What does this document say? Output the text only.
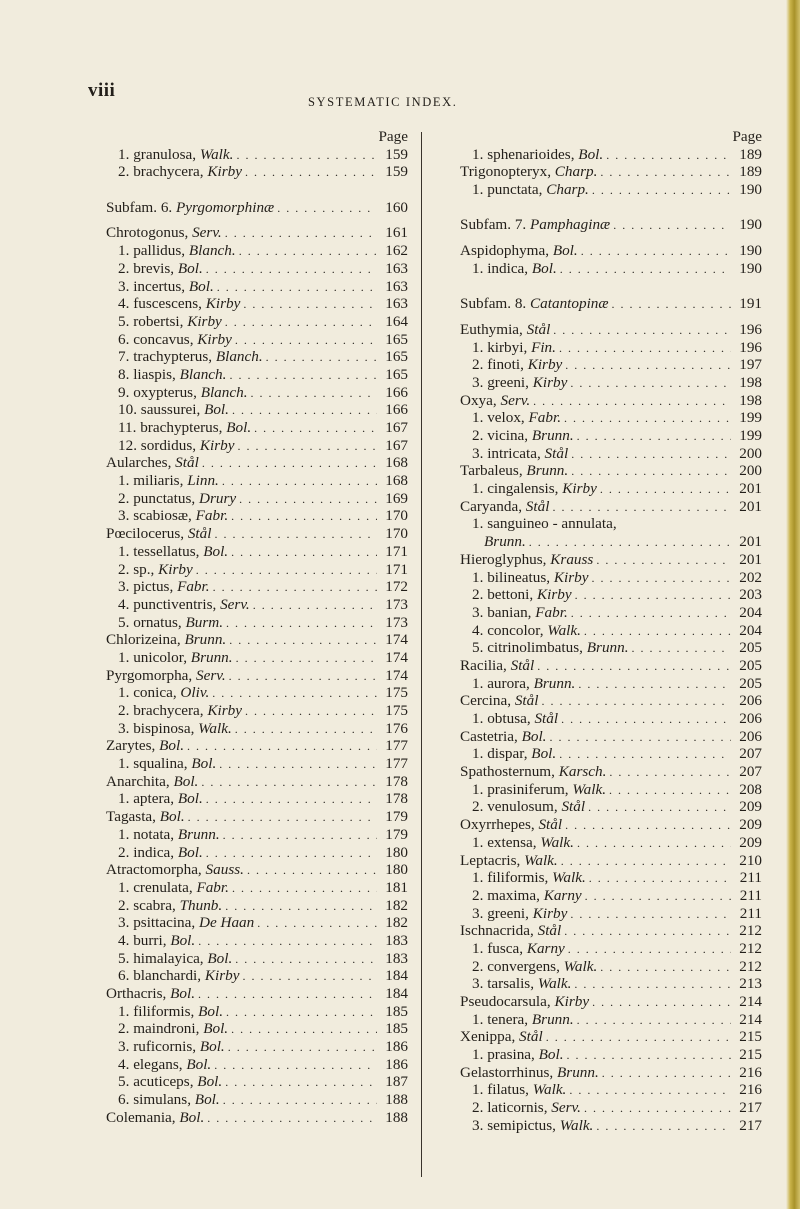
viii
SYSTEMATIC INDEX.
Page
1. granulosa, Walk. . . .	159
2. brachycera, Kirby . . .	159
Subfam. 6. Pyrgomorphinæ . . .	160
Chrotogonus, Serv. . . .	161
1. pallidus, Blanch. . . .	162
2. brevis, Bol. . . .	163
3. incertus, Bol. . . .	163
4. fuscescens, Kirby . . .	163
5. robertsi, Kirby . . .	164
6. concavus, Kirby . . .	165
7. trachypterus, Blanch. . . .	165
8. liaspis, Blanch. . . .	165
9. oxypterus, Blanch. . . .	166
10. saussurei, Bol. . . .	166
11. brachypterus, Bol. . . .	167
12. sordidus, Kirby . . .	167
Aularches, Stål . . .	168
1. miliaris, Linn. . . .	168
2. punctatus, Drury . . .	169
3. scabiosæ, Fabr. . . .	170
Pœcilocerus, Stål . . .	170
1. tessellatus, Bol. . . .	171
2. sp., Kirby . . .	171
3. pictus, Fabr. . . .	172
4. punctiventris, Serv. . . .	173
5. ornatus, Burm. . . .	173
Chlorizeina, Brunn. . . .	174
1. unicolor, Brunn. . . .	174
Pyrgomorpha, Serv. . . .	174
1. conica, Oliv. . . .	175
2. brachycera, Kirby . . .	175
3. bispinosa, Walk. . . .	176
Zarytes, Bol. . . .	177
1. squalina, Bol. . . .	177
Anarchita, Bol. . . .	178
1. aptera, Bol. . . .	178
Tagasta, Bol. . . .	179
1. notata, Brunn. . . .	179
2. indica, Bol. . . .	180
Atractomorpha, Sauss. . . .	180
1. crenulata, Fabr. . . .	181
2. scabra, Thunb. . . .	182
3. psittacina, De Haan . . .	182
4. burri, Bol. . . .	183
5. himalayica, Bol. . . .	183
6. blanchardi, Kirby . . .	184
Orthacris, Bol. . . .	184
1. filiformis, Bol. . . .	185
2. maindroni, Bol. . . .	185
3. ruficornis, Bol. . . .	186
4. elegans, Bol. . . .	186
5. acuticeps, Bol. . . .	187
6. simulans, Bol. . . .	188
Colemania, Bol. . . .	188
Page
1. sphenarioides, Bol. . . .	189
Trigonopteryx, Charp. . . .	189
1. punctata, Charp. . . .	190
Subfam. 7. Pamphaginæ . . .	190
Aspidophyma, Bol. . . .	190
1. indica, Bol. . . .	190
Subfam. 8. Catantopinæ . . .	191
Euthymia, Stål . . .	196
1. kirbyi, Fin. . . .	196
2. finoti, Kirby . . .	197
3. greeni, Kirby . . .	198
Oxya, Serv. . . .	198
1. velox, Fabr. . . .	199
2. vicina, Brunn. . . .	199
3. intricata, Stål . . .	200
Tarbaleus, Brunn. . . .	200
1. cingalensis, Kirby . . .	201
Caryanda, Stål . . .	201
1. sanguineo - annulata,
Brunn. . . .	201
Hieroglyphus, Krauss . . .	201
1. bilineatus, Kirby . . .	202
2. bettoni, Kirby . . .	203
3. banian, Fabr. . . .	204
4. concolor, Walk. . . .	204
5. citrinolimbatus, Brunn. . . .	205
Racilia, Stål . . .	205
1. aurora, Brunn. . . .	205
Cercina, Stål . . .	206
1. obtusa, Stål . . .	206
Castetria, Bol. . . .	206
1. dispar, Bol. . . .	207
Spathosternum, Karsch. . . .	207
1. prasiniferum, Walk. . . .	208
2. venulosum, Stål . . .	209
Oxyrrhepes, Stål . . .	209
1. extensa, Walk. . . .	209
Leptacris, Walk. . . .	210
1. filiformis, Walk. . . .	211
2. maxima, Karny . . .	211
3. greeni, Kirby . . .	211
Ischnacrida, Stål . . .	212
1. fusca, Karny . . .	212
2. convergens, Walk. . . .	212
3. tarsalis, Walk. . . .	213
Pseudocarsula, Kirby . . .	214
1. tenera, Brunn. . . .	214
Xenippa, Stål . . .	215
1. prasina, Bol. . . .	215
Gelastorrhinus, Brunn. . . .	216
1. filatus, Walk. . . .	216
2. laticornis, Serv. . . .	217
3. semipictus, Walk. . . .	217
